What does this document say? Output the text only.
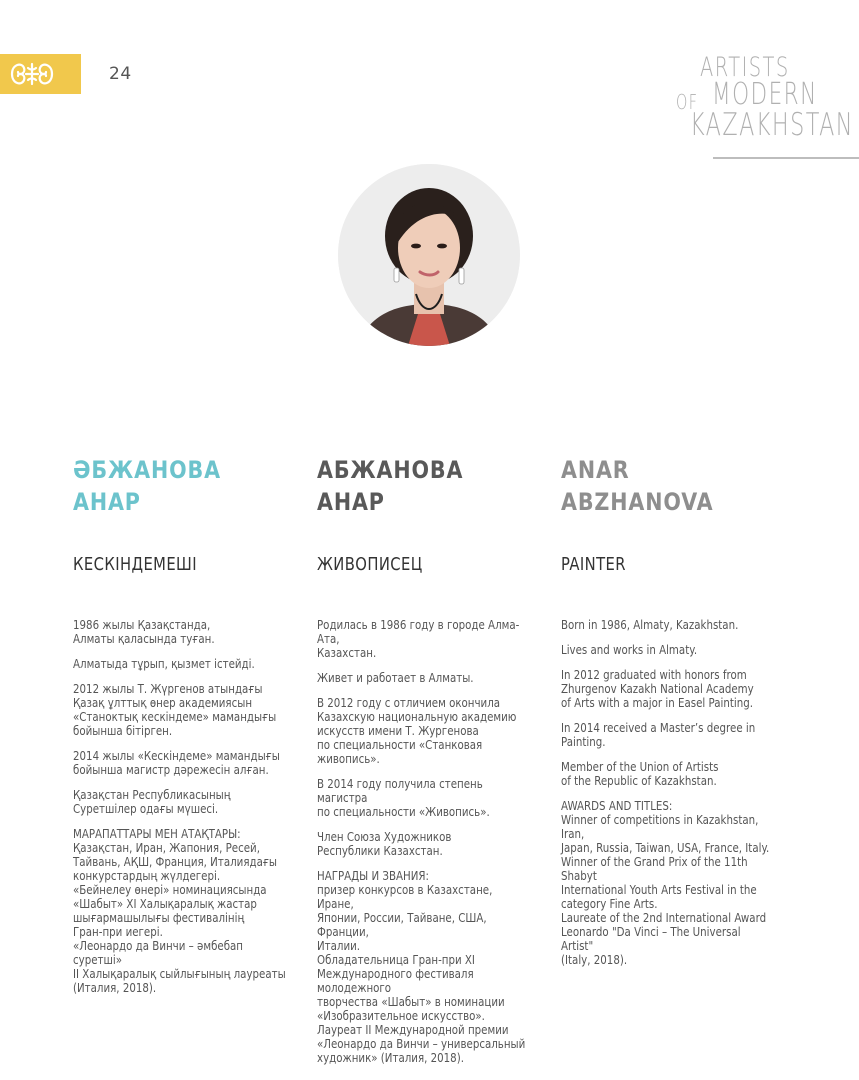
24	ARTISTS
OF MODERN
KAZAKHSTAN
ӘБЖАНОВА
АНАР
КЕСКІНДЕМЕШІ

1986 жылы Қазақстанда,
Алматы қаласында туған.

Алматыда тұрып, қызмет істейді.

2012 жылы Т. Жүргенов атындағы
Қазақ ұлттық өнер академиясын
«Станоктық кескіндеме» мамандығы
бойынша бітірген.

2014 жылы «Кескіндеме» мамандығы
бойынша магистр дәрежесін алған.

Қазақстан Республикасының
Суретшілер одағы мүшесі.

МАРАПАТТАРЫ МЕН АТАҚТАРЫ:
Қазақстан, Иран, Жапония, Ресей,
Тайвань, АҚШ, Франция, Италиядағы
конкурстардың жүлдегері.
«Бейнелеу өнері» номинациясында
«Шабыт» XI Халықаралық жастар
шығармашылығы фестивалінің
Гран-при иегері.
«Леонардо да Винчи – әмбебап суретші»
II Халықаралық сыйлығының лауреаты
(Италия, 2018).

АБЖАНОВА
АНАР
ЖИВОПИСЕЦ

Родилась в 1986 году в городе Алма-Ата,
Казахстан.

Живет и работает в Алматы.

В 2012 году с отличием окончила
Казахскую национальную академию
искусств имени Т. Жургенова
по специальности «Станковая живопись».

В 2014 году получила степень магистра
по специальности «Живопись».

Член Союза Художников
Республики Казахстан.

НАГРАДЫ И ЗВАНИЯ:
призер конкурсов в Казахстане, Иране,
Японии, России, Тайване, США, Франции,
Италии.
Обладательница Гран-при XI
Международного фестиваля молодежного
творчества «Шабыт» в номинации
«Изобразительное искусство».
Лауреат II Международной премии
«Леонардо да Винчи – универсальный
художник» (Италия, 2018).

ANAR
ABZHANOVA
PAINTER

Born in 1986, Almaty, Kazakhstan.

Lives and works in Almaty.

In 2012 graduated with honors from
Zhurgenov Kazakh National Academy
of Arts with a major in Easel Painting.

In 2014 received a Master’s degree in
Painting.

Member of the Union of Artists
of the Republic of Kazakhstan.

AWARDS AND TITLES:
Winner of competitions in Kazakhstan, Iran,
Japan, Russia, Taiwan, USA, France, Italy.
Winner of the Grand Prix of the 11th Shabyt
International Youth Arts Festival in the
category Fine Arts.
Laureate of the 2nd International Award
Leonardo "Da Vinci – The Universal Artist"
(Italy, 2018).
